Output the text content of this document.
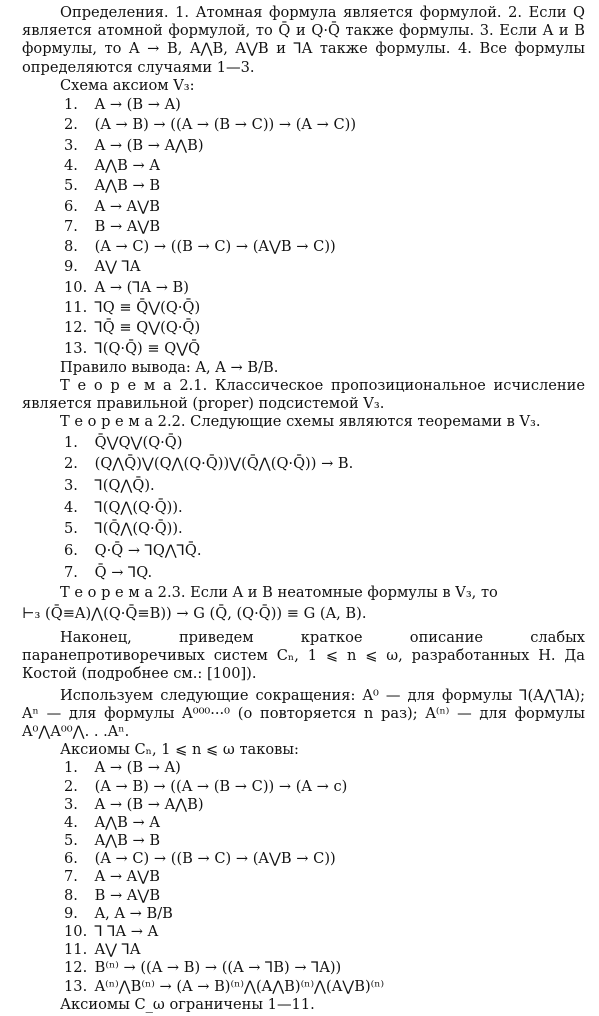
Определения. 1. Атомная формула является формулой. 2. Если Q является атомной формулой, то Q̄ и Q·Q̄ также формулы. 3. Если A и B формулы, то A → B, A⋀B, A⋁B и ⅂A также формулы. 4. Все формулы определяются случаями 1—3.

Схема аксиом V₃:
1. A → (B → A)
2. (A → B) → ((A → (B → C)) → (A → C))
3. A → (B → A⋀B)
4. A⋀B → A
5. A⋀B → B
6. A → A⋁B
7. B → A⋁B
8. (A → C) → ((B → C) → (A⋁B → C))
9. A⋁ ⅂A
10. A → (⅂A → B)
11. ⅂Q ≡ Q̄⋁(Q·Q̄)
12. ⅂Q̄ ≡ Q⋁(Q·Q̄)
13. ⅂(Q·Q̄) ≡ Q⋁Q̄
Правило вывода: A, A → B/B.

Т е о р е м а 2.1. Классическое пропозициональное исчисление является правильной (proper) подсистемой V₃.

Т е о р е м а 2.2. Следующие схемы являются теоремами в V₃.

1. Q̄⋁Q⋁(Q·Q̄)
2. (Q⋀Q̄)⋁(Q⋀(Q·Q̄))⋁(Q̄⋀(Q·Q̄)) → B.
3. ⅂(Q⋀Q̄).
4. ⅂(Q⋀(Q·Q̄)).
5. ⅂(Q̄⋀(Q·Q̄)).
6. Q·Q̄ → ⅂Q⋀⅂Q̄.
7. Q̄ → ⅂Q.
Т е о р е м а 2.3. Если A и B неатомные формулы в V₃, то
⊢₃ (Q̄≡A)⋀(Q·Q̄≡B)) → G (Q̄, (Q·Q̄)) ≡ G (A, B).

Наконец, приведем краткое описание слабых паранепротиворечивых систем Cₙ, 1 ⩽ n ⩽ ω, разработанных Н. Да Костой (подробнее см.: [100]).

Используем следующие сокращения: A⁰ — для формулы ⅂(A⋀⅂A); Aⁿ — для формулы A⁰⁰⁰···⁰ (o повторяется n раз); A⁽ⁿ⁾ — для формулы A⁰⋀A⁰⁰⋀. . .Aⁿ.

Аксиомы Cₙ, 1 ⩽ n ⩽ ω таковы:
1. A → (B → A)
2. (A → B) → ((A → (B → C)) → (A → c)
3. A → (B → A⋀B)
4. A⋀B → A
5. A⋀B → B
6. (A → C) → ((B → C) → (A⋁B → C))
7. A → A⋁B
8. B → A⋁B
9. A, A → B/B
10. ⅂ ⅂A → A
11. A⋁ ⅂A
12. B⁽ⁿ⁾ → ((A → B) → ((A → ⅂B) → ⅂A))
13. A⁽ⁿ⁾⋀B⁽ⁿ⁾ → (A → B)⁽ⁿ⁾⋀(A⋀B)⁽ⁿ⁾⋀(A⋁B)⁽ⁿ⁾
Аксиомы C_ω ограничены 1—11.
